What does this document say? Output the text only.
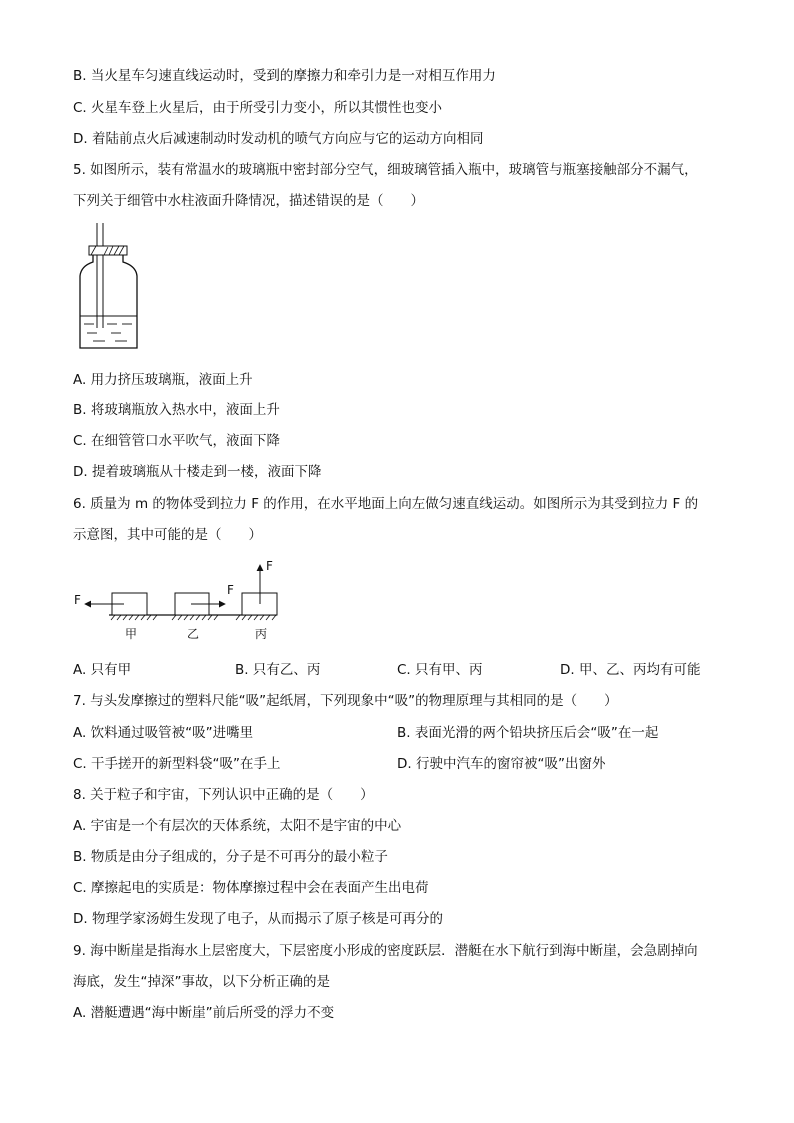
B. 当火星车匀速直线运动时，受到的摩擦力和牵引力是一对相互作用力
C. 火星车登上火星后，由于所受引力变小，所以其惯性也变小
D. 着陆前点火后减速制动时发动机的喷气方向应与它的运动方向相同
5. 如图所示，装有常温水的玻璃瓶中密封部分空气，细玻璃管插入瓶中，玻璃管与瓶塞接触部分不漏气，
下列关于细管中水柱液面升降情况，描述错误的是（　　）
A. 用力挤压玻璃瓶，液面上升
B. 将玻璃瓶放入热水中，液面上升
C. 在细管管口水平吹气，液面下降
D. 提着玻璃瓶从十楼走到一楼，液面下降
6. 质量为 m 的物体受到拉力 F 的作用，在水平地面上向左做匀速直线运动。如图所示为其受到拉力 F 的
示意图，其中可能的是（　　）
F
甲
F
乙
F
丙
A. 只有甲	B. 只有乙、丙	C. 只有甲、丙	D. 甲、乙、丙均有可能
7. 与头发摩擦过的塑料尺能“吸”起纸屑，下列现象中“吸”的物理原理与其相同的是（　　）
A. 饮料通过吸管被“吸”进嘴里	B. 表面光滑的两个铅块挤压后会“吸”在一起
C. 干手搓开的新型料袋“吸”在手上	D. 行驶中汽车的窗帘被“吸”出窗外
8. 关于粒子和宇宙，下列认识中正确的是（　　）
A. 宇宙是一个有层次的天体系统，太阳不是宇宙的中心
B. 物质是由分子组成的，分子是不可再分的最小粒子
C. 摩擦起电的实质是：物体摩擦过程中会在表面产生出电荷
D. 物理学家汤姆生发现了电子，从而揭示了原子核是可再分的
9. 海中断崖是指海水上层密度大，下层密度小形成的密度跃层．潜艇在水下航行到海中断崖，会急剧掉向
海底，发生“掉深”事故，以下分析正确的是
A. 潜艇遭遇“海中断崖”前后所受的浮力不变
